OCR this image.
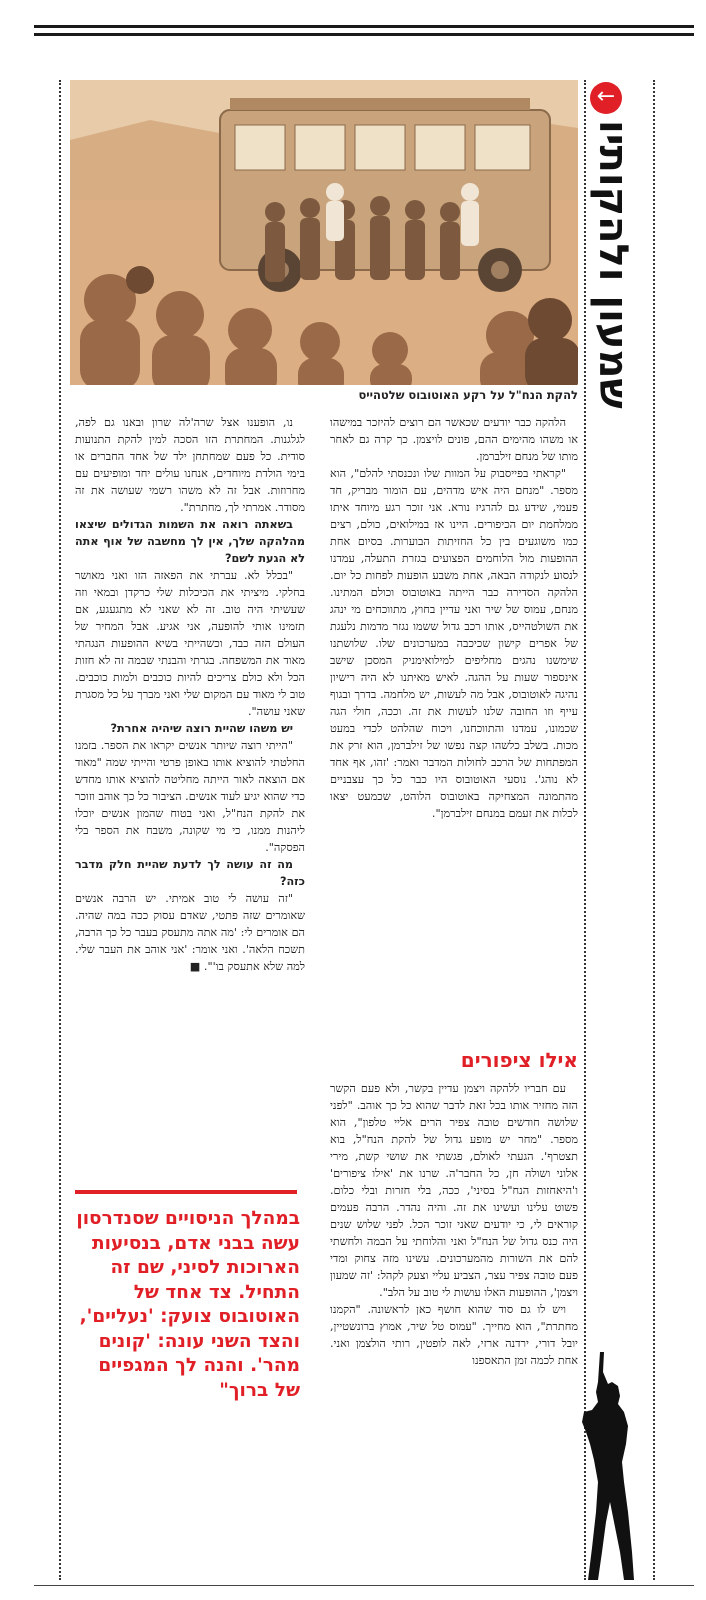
←
שמעון ולהקותיו
להקת הנח"ל על רקע האוטובוס שלטהייס

הלהקה כבר יודעים שכאשר הם רוצים להיזכר במישהו או משהו מהימים ההם, פונים לויצמן. כך קרה גם לאחר מותו של מנחם זילברמן.

"קראתי בפייסבוק על המוות שלו ונכנסתי להלם", הוא מספר. "מנחם היה איש מדהים, עם הומור מבריק, חד פעמי, שידע גם להרגיז נורא. אני זוכר רגע מיוחד איתו ממלחמת יום הכיפורים. היינו אז במילואים, כולם, רצים כמו משוגעים בין כל החזיתות הבוערות. בסיום אחת ההופעות מול הלוחמים הפצועים בגזרת התעלה, עמדנו לנסוע לנקודה הבאה, אחת משבע הופעות לפחות כל יום. הלהקה הסדירה כבר הייתה באוטובוס וכולם המתינו. מנחם, עמוס של שיר ואני עדיין בחוץ, מתווכחים מי ינהג את השולטהייס, אותו רכב גדול ששמו נגזר מדמות נלעגת של אפרים קישון שכיכבה במערכונים שלו. שלושתנו שימשנו נהגים מחליפים למילואימניק המסכן שישב אינספור שעות על ההגה. לאיש מאיתנו לא היה רישיון נהיגה לאוטובוס, אבל מה לעשות, יש מלחמה. בדרך ובגוף עייף וזו החובה שלנו לעשות את זה. וככה, חולי הגה שכמונו, עמדנו והתווכחנו, ויכוח שהלהט לכדי במעט מכות. בשלב כלשהו קצה נפשו של זילברמן, הוא זרק את המפתחות של הרכב לחולות המדבר ואמר: 'זהו, אף אחד לא נוהג'. נוסעי האוטובוס היו כבר כל כך עצבניים מהתמונה המצחיקה באוטובוס הלוהט, שכמעט יצאו לכלות את זעמם במנחם זילברמן".

אילו ציפורים

עם חבריו ללהקה ויצמן עדיין בקשר, ולא פעם הקשר הזה מחזיר אותו בכל זאת לדבר שהוא כל כך אוהב. "לפני שלושה חודשים טובה צפיר הרים אליי טלפון", הוא מספר. "מחר יש מופע גדול של להקת הנח"ל, בוא תצטרף'. הגעתי לאולם, פגשתי את שושי קשת, מירי אלוני ושולה חן, כל החבר'ה. שרנו את 'אילו ציפורים' ו'היאחזות הנח"ל בסיני', ככה, בלי חזרות ובלי כלום. פשוט עלינו ועשינו את זה. והיה נהדר. הרבה פעמים קוראים לי, כי יודעים שאני זוכר הכל. לפני שלוש שנים היה כנס גדול של הנח"ל ואני והלוחתי על הבמה ולחשתי להם את השורות מהמערכונים. עשינו מזה צחוק ומדי פעם טובה צפיר עצר, הצביע עליי וצעק לקהל: 'זה שמעון ויצמן', ההופעות האלו עושות לי טוב על הלב".

ויש לו גם סוד שהוא חושף כאן לראשונה. "הקמנו מחתרת", הוא מחייך. "עמוס טל שיר, אמוץ ברונשטיין, יובל דורי, ירדנה ארזי, לאה לופטין, רותי הולצמן ואני. אחת לכמה זמן התאספנו

נו, הופענו אצל שרה'לה שרון ובאנו גם לפה, לגלגנות. המחתרת הזו הסכה למין להקת התנועות סודית. כל פעם שמחתחן ילד של אחד החברים או בימי הולדת מיוחדים, אנחנו עולים יחד ומופיעים עם מחרוזות. אבל זה לא משהו רשמי שעושה את זה מסודר. אמרתי לך, מחתרת".

בשאתה רואה את השמות הגדולים שיצאו מהלהקה שלך, אין לך מחשבה של אוף אתה לא הגעת לשם?

"בכלל לא. עברתי את הפאזה הזו ואני מאושר בחלקי. מיציתי את הכיכלות שלי כרקדן ובמאי וזה שעשיתי היה טוב. זה לא שאני לא מתגעגע, אם תזמינו אותי להופעה, אני אגיע. אבל המחיר של העולם הזה כבד, וכשהייתי בשיא ההופעות הנגהתי מאוד את המשפחה. בגרתי והבנתי שבמה זה לא חזות הכל ולא כולם צריכים להיות כוכבים ולמות כוכבים. טוב לי מאוד עם המקום שלי ואני מברך על כל מסגרת שאני עושה".

יש משהו שהיית רוצה שיהיה אחרת?

"הייתי רוצה שיותר אנשים יקראו את הספר. בזמנו החלטתי להוציא אותו באופן פרטי והייתי שמה "מאוד אם הוצאה לאור הייתה מחליטה להוציא אותו מחדש כדי שהוא יגיע לעוד אנשים. הציבור כל כך אוהב וזוכר את להקת הנח"ל, ואני בטוח שהמון אנשים יוכלו ליהנות ממנו, כי מי שקונה, משבח את הספר בלי הפסקה".

מה זה עושה לך לדעת שהיית חלק מדבר כזה?

"זה עושה לי טוב אמיתי. יש הרבה אנשים שאומרים שזה פתטי, שאדם עסוק ככה במה שהיה. הם אומרים לי: 'מה אתה מתעסק בעבר כל כך הרבה, תשכח הלאה'. ואני אומר: 'אני אוהב את העבר שלי. למה שלא אתעסק בו'". ■

במהלך הניסויים שסנדרסון עשה בבני אדם, בנסיעות הארוכות לסיני, שם זה התחיל. צד אחד של האוטובוס צועק: 'נעליים', והצד השני עונה: 'קונים מהר'. והנה לך המגפיים של ברוך"
